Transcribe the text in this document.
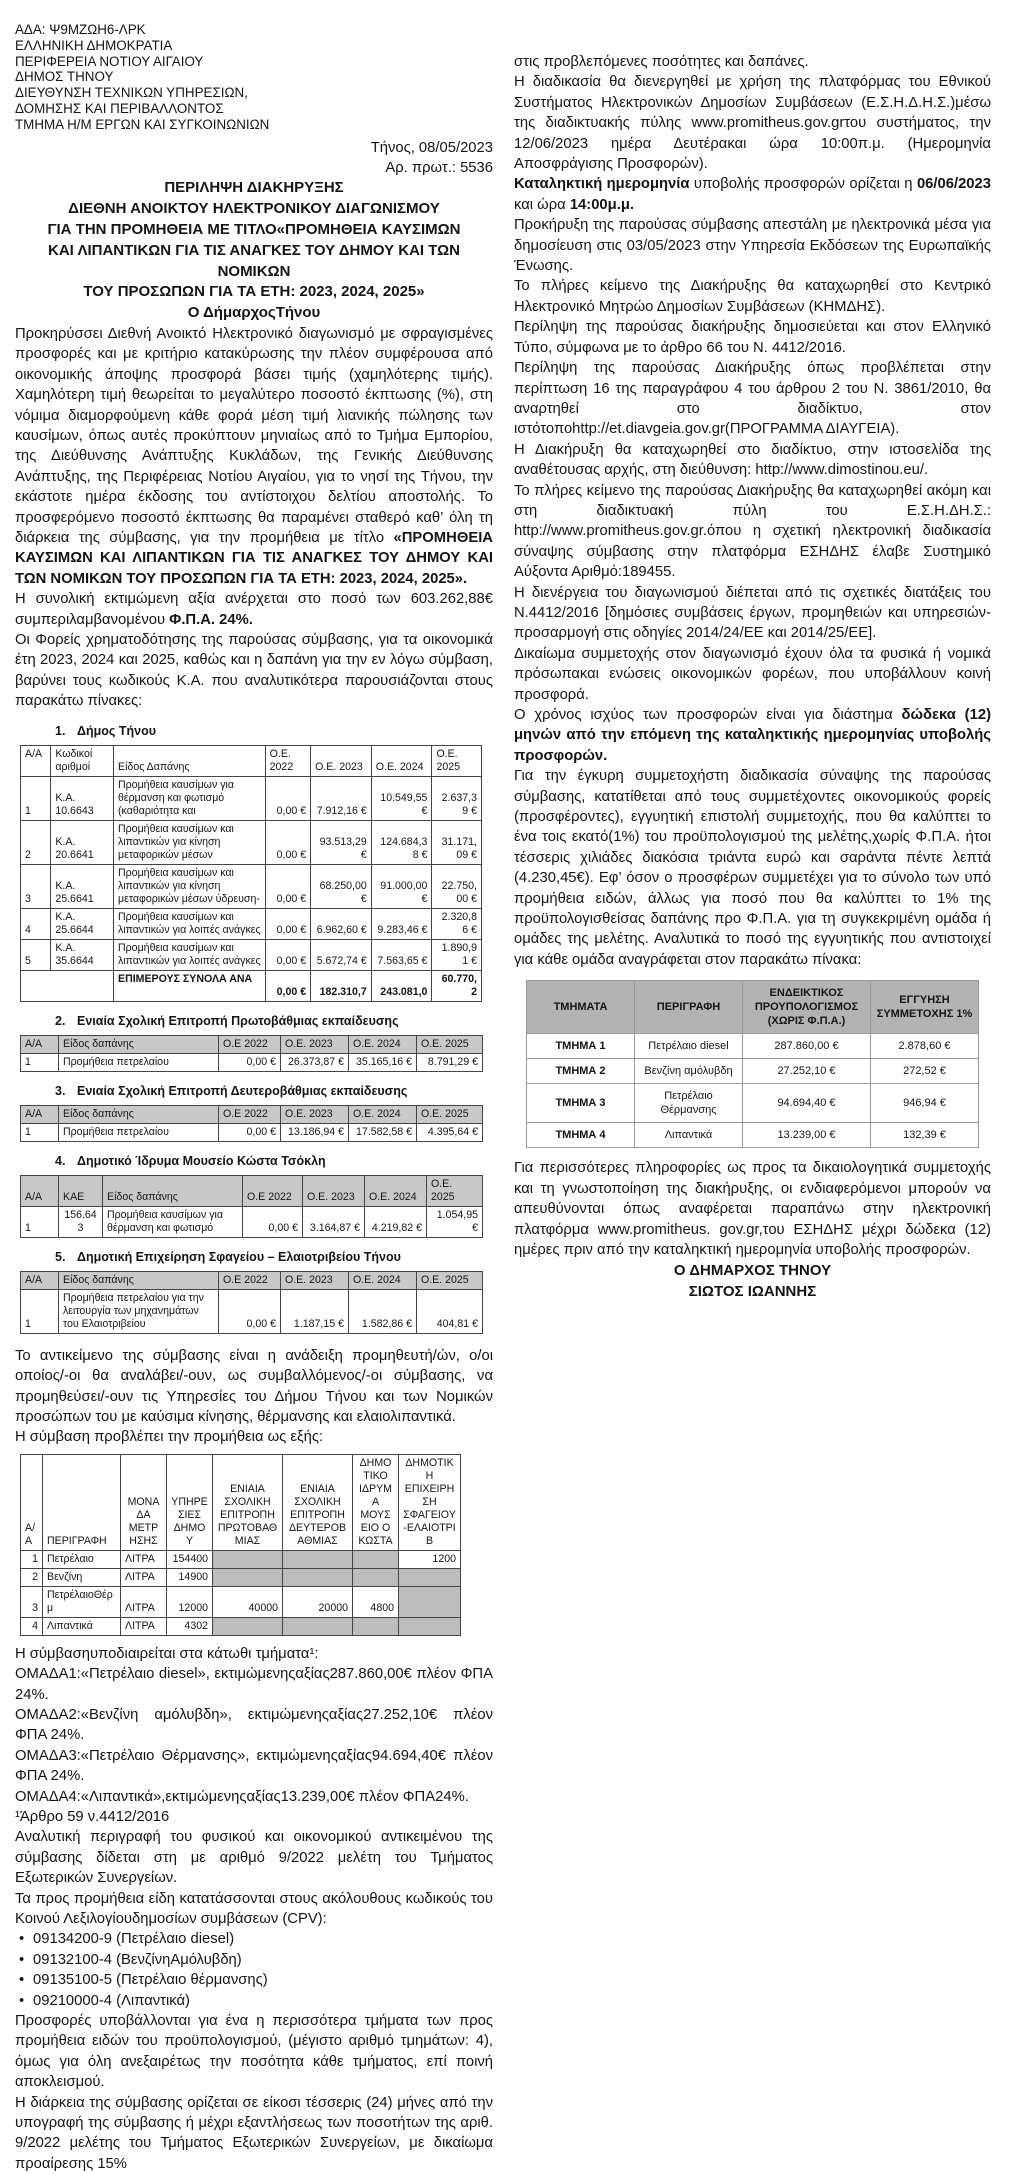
ΑΔΑ: Ψ9ΜΖΩΗ6-ΛΡΚ
ΕΛΛΗΝΙΚΗ ΔΗΜΟΚΡΑΤΙΑ
ΠΕΡΙΦΕΡΕΙΑ ΝΟΤΙΟΥ ΑΙΓΑΙΟΥ
ΔΗΜΟΣ ΤΗΝΟΥ
ΔΙΕΥΘΥΝΣΗ ΤΕΧΝΙΚΩΝ ΥΠΗΡΕΣΙΩΝ,
ΔΟΜΗΣΗΣ ΚΑΙ ΠΕΡΙΒΑΛΛΟΝΤΟΣ
ΤΜΗΜΑ Η/Μ ΕΡΓΩΝ ΚΑΙ ΣΥΓΚΟΙΝΩΝΙΩΝ
Τήνος, 08/05/2023
Αρ. πρωτ.: 5536
ΠΕΡΙΛΗΨΗ ΔΙΑΚΗΡΥΞΗΣ
ΔΙΕΘΝΗ ΑΝΟΙΚΤΟΥ ΗΛΕΚΤΡΟΝΙΚΟΥ ΔΙΑΓΩΝΙΣΜΟΥ
ΓΙΑ ΤΗΝ ΠΡΟΜΗΘΕΙΑ ΜΕ ΤΙΤΛΟ«ΠΡΟΜΗΘΕΙΑ ΚΑΥΣΙΜΩΝ
ΚΑΙ ΛΙΠΑΝΤΙΚΩΝ ΓΙΑ ΤΙΣ ΑΝΑΓΚΕΣ ΤΟΥ ΔΗΜΟΥ ΚΑΙ ΤΩΝ ΝΟΜΙΚΩΝ
ΤΟΥ ΠΡΟΣΩΠΩΝ ΓΙΑ ΤΑ ΕΤΗ: 2023, 2024, 2025»
Ο ΔήμαρχοςΤήνου

Προκηρύσσει Διεθνή Ανοικτό Ηλεκτρονικό διαγωνισμό με σφραγισμένες προσφορές και με κριτήριο κατακύρωσης την πλέον συμφέρουσα από οικονομικής άποψης προσφορά βάσει τιμής (χαμηλότερης τιμής). Χαμηλότερη τιμή θεωρείται το μεγαλύτερο ποσοστό έκπτωσης (%), στη νόμιμα διαμορφούμενη κάθε φορά μέση τιμή λιανικής πώλησης των καυσίμων, όπως αυτές προκύπτουν μηνιαίως από το Τμήμα Εμπορίου, της Διεύθυνσης Ανάπτυξης Κυκλάδων, της Γενικής Διεύθυνσης Ανάπτυξης, της Περιφέρειας Νοτίου Αιγαίου, για το νησί της Τήνου, την εκάστοτε ημέρα έκδοσης του αντίστοιχου δελτίου αποστολής. Το προσφερόμενο ποσοστό έκπτωσης θα παραμένει σταθερό καθ’ όλη τη διάρκεια της σύμβασης, για την προμήθεια με τίτλο «ΠΡΟΜΗΘΕΙΑ ΚΑΥΣΙΜΩΝ ΚΑΙ ΛΙΠΑΝΤΙΚΩΝ ΓΙΑ ΤΙΣ ΑΝΑΓΚΕΣ ΤΟΥ ΔΗΜΟΥ ΚΑΙ ΤΩΝ ΝΟΜΙΚΩΝ ΤΟΥ ΠΡΟΣΩΠΩΝ ΓΙΑ ΤΑ ΕΤΗ: 2023, 2024, 2025».

Η συνολική εκτιμώμενη αξία ανέρχεται στο ποσό των 603.262,88€ συμπεριλαμβανομένου Φ.Π.Α. 24%.

Οι Φορείς χρηματοδότησης της παρούσας σύμβασης, για τα οικονομικά έτη 2023, 2024 και 2025, καθώς και η δαπάνη για την εν λόγω σύμβαση, βαρύνει τους κωδικούς Κ.Α. που αναλυτικότερα παρουσιάζονται στους παρακάτω πίνακες:

1. Δήμος Τήνου
Α/Α	Κωδικοί αριθμοί	Είδος Δαπάνης	Ο.Ε. 2022	Ο.Ε. 2023	Ο.Ε. 2024	Ο.Ε. 2025
1	Κ.Α. 10.6643	Προμήθεια καυσίμων για θέρμανση και φωτισμό (καθαριότητα και	0,00 €	7.912,16 €	10.549,55 €	2.637,39 €
2	Κ.Α. 20.6641	Προμήθεια καυσίμων και λιπαντικών για κίνηση μεταφορικών μέσων	0,00 €	93.513,29 €	124.684,38 €	31.171,09 €
3	Κ.Α. 25.6641	Προμήθεια καυσίμων και λιπαντικών για κίνηση μεταφορικών μέσων ύδρευση-	0,00 €	68.250,00 €	91.000,00 €	22.750,00 €
4	Κ.Α. 25.6644	Προμήθεια καυσίμων και λιπαντικών για λοιπές ανάγκες	0,00 €	6.962,60 €	9.283,46 €	2.320,86 €
5	Κ.Α. 35.6644	Προμήθεια καυσίμων και λιπαντικών για λοιπές ανάγκες	0,00 €	5.672,74 €	7.563,65 €	1.890,91 €
		ΕΠΙΜΕΡΟΥΣ ΣΥΝΟΛΑ ΑΝΑ	0,00 €	182.310,7	243.081,0	60.770,2
2. Ενιαία Σχολική Επιτροπή Πρωτοβάθμιας εκπαίδευσης
Α/Α	Είδος δαπάνης	Ο.Ε 2022	Ο.Ε. 2023	Ο.Ε. 2024	Ο.Ε. 2025
1	Προμήθεια πετρελαίου	0,00 €	26.373,87 €	35.165,16 €	8.791,29 €
3. Ενιαία Σχολική Επιτροπή Δευτεροβάθμιας εκπαίδευσης
Α/Α	Είδος δαπάνης	Ο.Ε 2022	Ο.Ε. 2023	Ο.Ε. 2024	Ο.Ε. 2025
1	Προμήθεια πετρελαίου	0,00 €	13.186,94 €	17.582,58 €	4.395,64 €
4. Δημοτικό Ίδρυμα Μουσείο Κώστα Τσόκλη
Α/Α	ΚΑΕ	Είδος δαπάνης	Ο.Ε 2022	Ο.Ε. 2023	Ο.Ε. 2024	Ο.Ε. 2025
1	156.643	Προμήθεια καυσίμων για θέρμανση και φωτισμό	0,00 €	3.164,87 €	4.219,82 €	1.054,95 €
5. Δημοτική Επιχείρηση Σφαγείου – Ελαιοτριβείου Τήνου
Α/Α	Είδος δαπάνης	Ο.Ε 2022	Ο.Ε. 2023	Ο.Ε. 2024	Ο.Ε. 2025
1	Προμήθεια πετρελαίου για την λειτουργία των μηχανημάτων του Ελαιοτριβείου	0,00 €	1.187,15 €	1.582,86 €	404,81 €

Το αντικείμενο της σύμβασης είναι η ανάδειξη προμηθευτή/ών, ο/οι οποίος/-οι θα αναλάβει/-ουν, ως συμβαλλόμενος/-οι σύμβασης, να προμηθεύσει/-ουν τις Υπηρεσίες του Δήμου Τήνου και των Νομικών προσώπων του με καύσιμα κίνησης, θέρμανσης και ελαιολιπαντικά.

Η σύμβαση προβλέπει την προμήθεια ως εξής:

Α/Α	ΠΕΡΙΓΡΑΦΗ	ΜΟΝΑΔΑ ΜΕΤΡΗΣΗΣ	ΥΠΗΡΕΣΙΕΣ ΔΗΜΟΥ	ΕΝΙΑΙΑ ΣΧΟΛΙΚΗ ΕΠΙΤΡΟΠΗ ΠΡΩΤΟΒΑΘΜΙΑΣ	ΕΝΙΑΙΑ ΣΧΟΛΙΚΗ ΕΠΙΤΡΟΠΗ ΔΕΥΤΕΡΟΒΑΘΜΙΑΣ	ΔΗΜΟΤΙΚΟ ΙΔΡΥΜΑ ΜΟΥΣΕΙΟ Ο ΚΩΣΤΑ	ΔΗΜΟΤΙΚΗ ΕΠΙΧΕΙΡΗΣΗ ΣΦΑΓΕΙΟΥ-ΕΛΑΙΟΤΡΙΒ
1	Πετρέλαιο	ΛΙΤΡΑ	154400				1200
2	Βενζίνη	ΛΙΤΡΑ	14900				
3	ΠετρέλαιοΘέρμ	ΛΙΤΡΑ	12000	40000	20000	4800	
4	Λιπαντικά	ΛΙΤΡΑ	4302				

Η σύμβασηυποδιαιρείται στα κάτωθι τμήματα¹:

ΟΜΑΔΑ1:«Πετρέλαιο diesel», εκτιμώμενηςαξίας287.860,00€ πλέον ΦΠΑ 24%.

ΟΜΑΔΑ2:«Βενζίνη αμόλυβδη», εκτιμώμενηςαξίας27.252,10€ πλέον ΦΠΑ 24%.

ΟΜΑΔΑ3:«Πετρέλαιο Θέρμανσης», εκτιμώμενηςαξίας94.694,40€ πλέον ΦΠΑ 24%.

ΟΜΑΔΑ4:«Λιπαντικά»,εκτιμώμενηςαξίας13.239,00€ πλέον ΦΠΑ24%.

¹Άρθρο 59 ν.4412/2016

Αναλυτική περιγραφή του φυσικού και οικονομικού αντικειμένου της σύμβασης δίδεται στη με αριθμό 9/2022 μελέτη του Τμήματος Εξωτερικών Συνεργείων.

Τα προς προμήθεια είδη κατατάσσονται στους ακόλουθους κωδικούς του Κοινού Λεξιλογίουδημοσίων συμβάσεων (CPV):

• 09134200-9 (Πετρέλαιο diesel)
• 09132100-4 (ΒενζίνηΑμόλυβδη)
• 09135100-5 (Πετρέλαιο θέρμανσης)
• 09210000-4 (Λιπαντικά)

Προσφορές υποβάλλονται για ένα η περισσότερα τμήματα των προς προμήθεια ειδών του προϋπολογισμού, (μέγιστο αριθμό τμημάτων: 4), όμως για όλη ανεξαιρέτως την ποσότητα κάθε τμήματος, επί ποινή αποκλεισμού.

Η διάρκεια της σύμβασης ορίζεται σε είκοσι τέσσερις (24) μήνες από την υπογραφή της σύμβασης ή μέχρι εξαντλήσεως των ποσοτήτων της αριθ. 9/2022 μελέτης του Τμήματος Εξωτερικών Συνεργείων, με δικαίωμα προαίρεσης 15%

στις προβλεπόμενες ποσότητες και δαπάνες.

Η διαδικασία θα διενεργηθεί με χρήση της πλατφόρμας του Εθνικού Συστήματος Ηλεκτρονικών Δημοσίων Συμβάσεων (Ε.Σ.Η.Δ.Η.Σ.)μέσω της διαδικτυακής πύλης www.promitheus.gov.grτου συστήματος, την 12/06/2023 ημέρα Δευτέρακαι ώρα 10:00π.μ. (Ημερομηνία Αποσφράγισης Προσφορών).

Καταληκτική ημερομηνία υποβολής προσφορών ορίζεται η 06/06/2023 και ώρα 14:00μ.μ.

Προκήρυξη της παρούσας σύμβασης απεστάλη με ηλεκτρονικά μέσα για δημοσίευση στις 03/05/2023 στην Υπηρεσία Εκδόσεων της Ευρωπαϊκής Ένωσης.

Το πλήρες κείμενο της Διακήρυξης θα καταχωρηθεί στο Κεντρικό Ηλεκτρονικό Μητρώο Δημοσίων Συμβάσεων (ΚΗΜΔΗΣ).

Περίληψη της παρούσας διακήρυξης δημοσιεύεται και στον Ελληνικό Τύπο, σύμφωνα με το άρθρο 66 του Ν. 4412/2016.

Περίληψη της παρούσας Διακήρυξης όπως προβλέπεται στην περίπτωση 16 της παραγράφου 4 του άρθρου 2 του Ν. 3861/2010, θα αναρτηθεί στο διαδίκτυο, στον ιστότοποhttp://et.diavgeia.gov.gr(ΠΡΟΓΡΑΜΜΑ ΔΙΑΥΓΕΙΑ).

Η Διακήρυξη θα καταχωρηθεί στο διαδίκτυο, στην ιστοσελίδα της αναθέτουσας αρχής, στη διεύθυνση: http://www.dimostinou.eu/.

Το πλήρες κείμενο της παρούσας Διακήρυξης θα καταχωρηθεί ακόμη και στη διαδικτυακή πύλη του Ε.Σ.Η.ΔΗ.Σ.: http://www.promitheus.gov.gr.όπου η σχετική ηλεκτρονική διαδικασία σύναψης σύμβασης στην πλατφόρμα ΕΣΗΔΗΣ έλαβε Συστημικό Αύξοντα Αριθμό:189455.

Η διενέργεια του διαγωνισμού διέπεται από τις σχετικές διατάξεις του Ν.4412/2016 [δημόσιες συμβάσεις έργων, προμηθειών και υπηρεσιών- προσαρμογή στις οδηγίες 2014/24/ΕΕ και 2014/25/ΕΕ].

Δικαίωμα συμμετοχής στον διαγωνισμό έχουν όλα τα φυσικά ή νομικά πρόσωπακαι ενώσεις οικονομικών φορέων, που υποβάλλουν κοινή προσφορά.

Ο χρόνος ισχύος των προσφορών είναι για διάστημα δώδεκα (12) μηνών από την επόμενη της καταληκτικής ημερομηνίας υποβολής προσφορών.

Για την έγκυρη συμμετοχήστη διαδικασία σύναψης της παρούσας σύμβασης, κατατίθεται από τους συμμετέχοντες οικονομικούς φορείς (προσφέροντες), εγγυητική επιστολή συμμετοχής, που θα καλύπτει το ένα τοις εκατό(1%) του προϋπολογισμού της μελέτης,χωρίς Φ.Π.Α. ήτοι τέσσερις χιλιάδες διακόσια τριάντα ευρώ και σαράντα πέντε λεπτά (4.230,45€). Εφ’ όσον ο προσφέρων συμμετέχει για το σύνολο των υπό προμήθεια ειδών, άλλως για ποσό που θα καλύπτει το 1% της προϋπολογισθείσας δαπάνης προ Φ.Π.Α. για τη συγκεκριμένη ομάδα ή ομάδες της μελέτης. Αναλυτικά το ποσό της εγγυητικής που αντιστοιχεί για κάθε ομάδα αναγράφεται στον παρακάτω πίνακα:

ΤΜΗΜΑΤΑ	ΠΕΡΙΓΡΑΦΗ	ΕΝΔΕΙΚΤΙΚΟΣ ΠΡΟΥΠΟΛΟΓΙΣΜΟΣ (ΧΩΡΙΣ Φ.Π.Α.)	ΕΓΓΥΗΣΗ ΣΥΜΜΕΤΟΧΗΣ 1%
ΤΜΗΜΑ 1	Πετρέλαιο diesel	287.860,00 €	2.878,60 €
ΤΜΗΜΑ 2	Βενζίνη αμόλυβδη	27.252,10 €	272,52 €
ΤΜΗΜΑ 3	Πετρέλαιο Θέρμανσης	94.694,40 €	946,94 €
ΤΜΗΜΑ 4	Λιπαντικά	13.239,00 €	132,39 €

Για περισσότερες πληροφορίες ως προς τα δικαιολογητικά συμμετοχής και τη γνωστοποίηση της διακήρυξης, οι ενδιαφερόμενοι μπορούν να απευθύνονται όπως αναφέρεται παραπάνω στην ηλεκτρονική πλατφόρμα www.promitheus. gov.gr,του ΕΣΗΔΗΣ μέχρι δώδεκα (12) ημέρες πριν από την καταληκτική ημερομηνία υποβολής προσφορών.

Ο ΔΗΜΑΡΧΟΣ ΤΗΝΟΥ
ΣΙΩΤΟΣ ΙΩΑΝΝΗΣ
